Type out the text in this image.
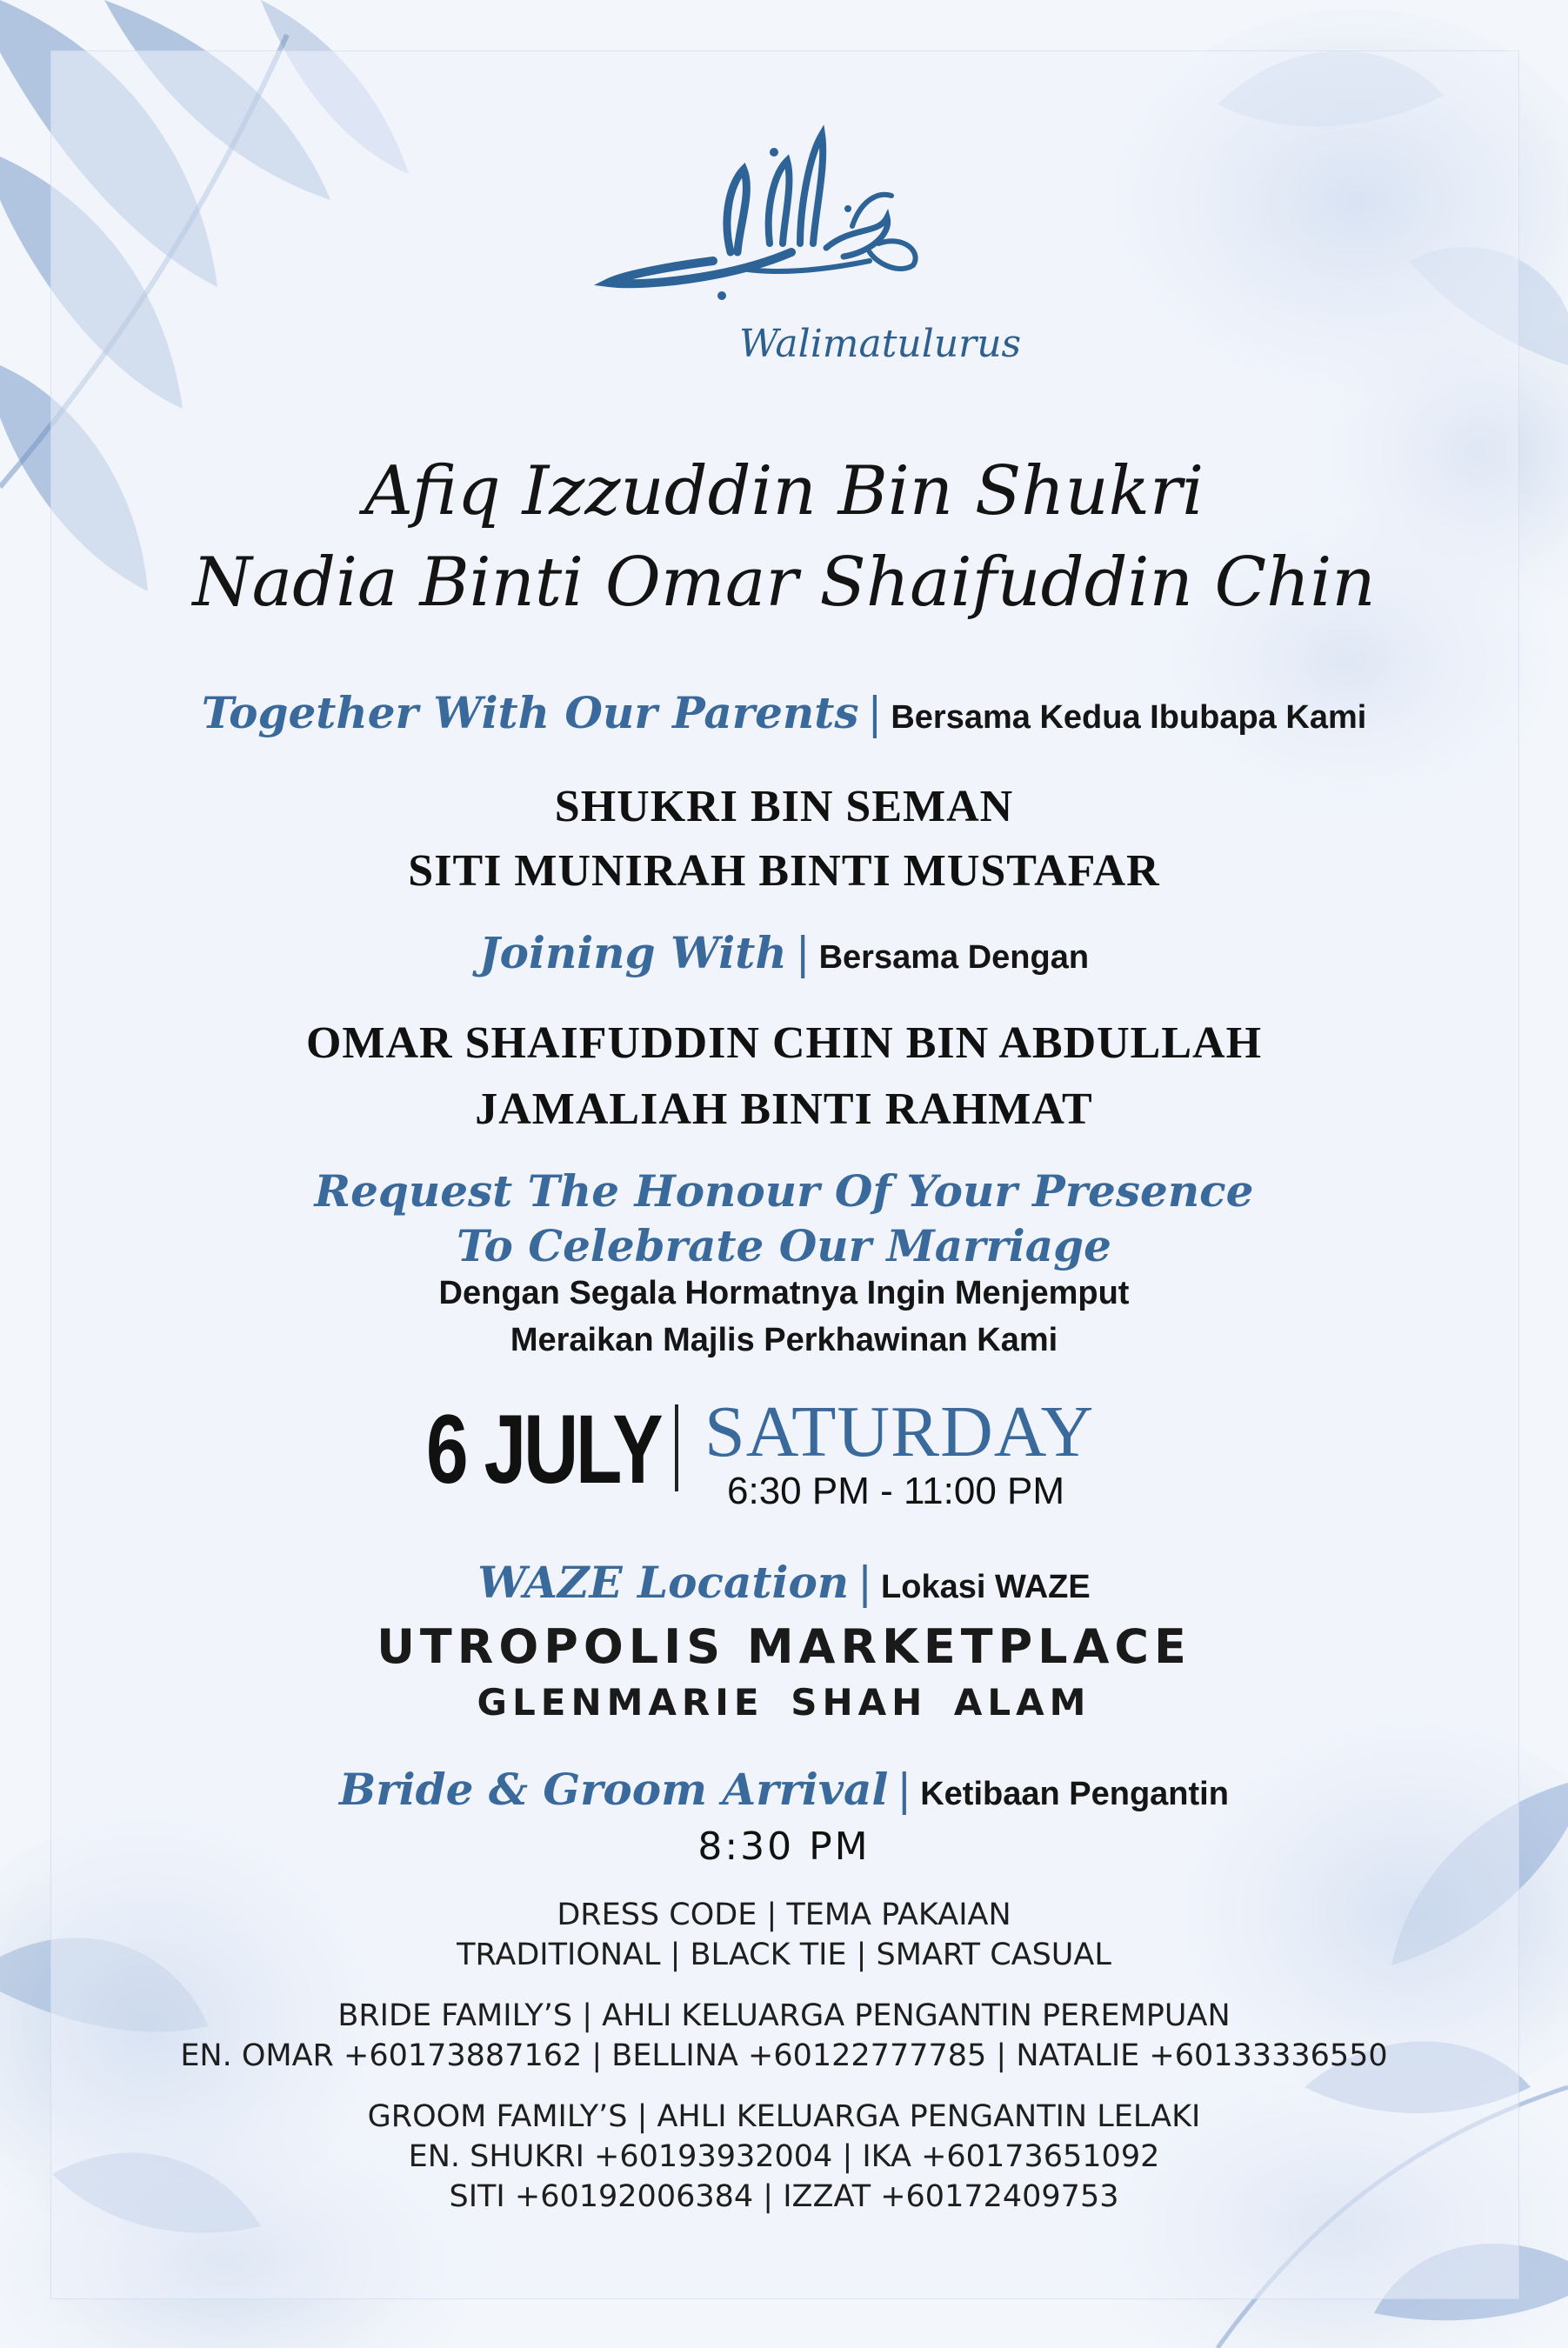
Walimatulurus
Afiq Izzuddin Bin Shukri
Nadia Binti Omar Shaifuddin Chin
Together With Our Parents | Bersama Kedua Ibubapa Kami
SHUKRI BIN SEMAN
SITI MUNIRAH BINTI MUSTAFAR
Joining With | Bersama Dengan
OMAR SHAIFUDDIN CHIN BIN ABDULLAH
JAMALIAH BINTI RAHMAT
Request The Honour Of Your Presence
To Celebrate Our Marriage
Dengan Segala Hormatnya Ingin Menjemput
Meraikan Majlis Perkhawinan Kami
6 JULY SATURDAY
6:30 PM - 11:00 PM
WAZE Location | Lokasi WAZE
UTROPOLIS MARKETPLACE
GLENMARIE SHAH ALAM
Bride & Groom Arrival | Ketibaan Pengantin
8:30 PM
DRESS CODE | TEMA PAKAIAN
TRADITIONAL | BLACK TIE | SMART CASUAL
BRIDE FAMILY’S | AHLI KELUARGA PENGANTIN PEREMPUAN
EN. OMAR +60173887162 | BELLINA +60122777785 | NATALIE +60133336550
GROOM FAMILY’S | AHLI KELUARGA PENGANTIN LELAKI
EN. SHUKRI +60193932004 | IKA +60173651092
SITI +60192006384 | IZZAT +60172409753
